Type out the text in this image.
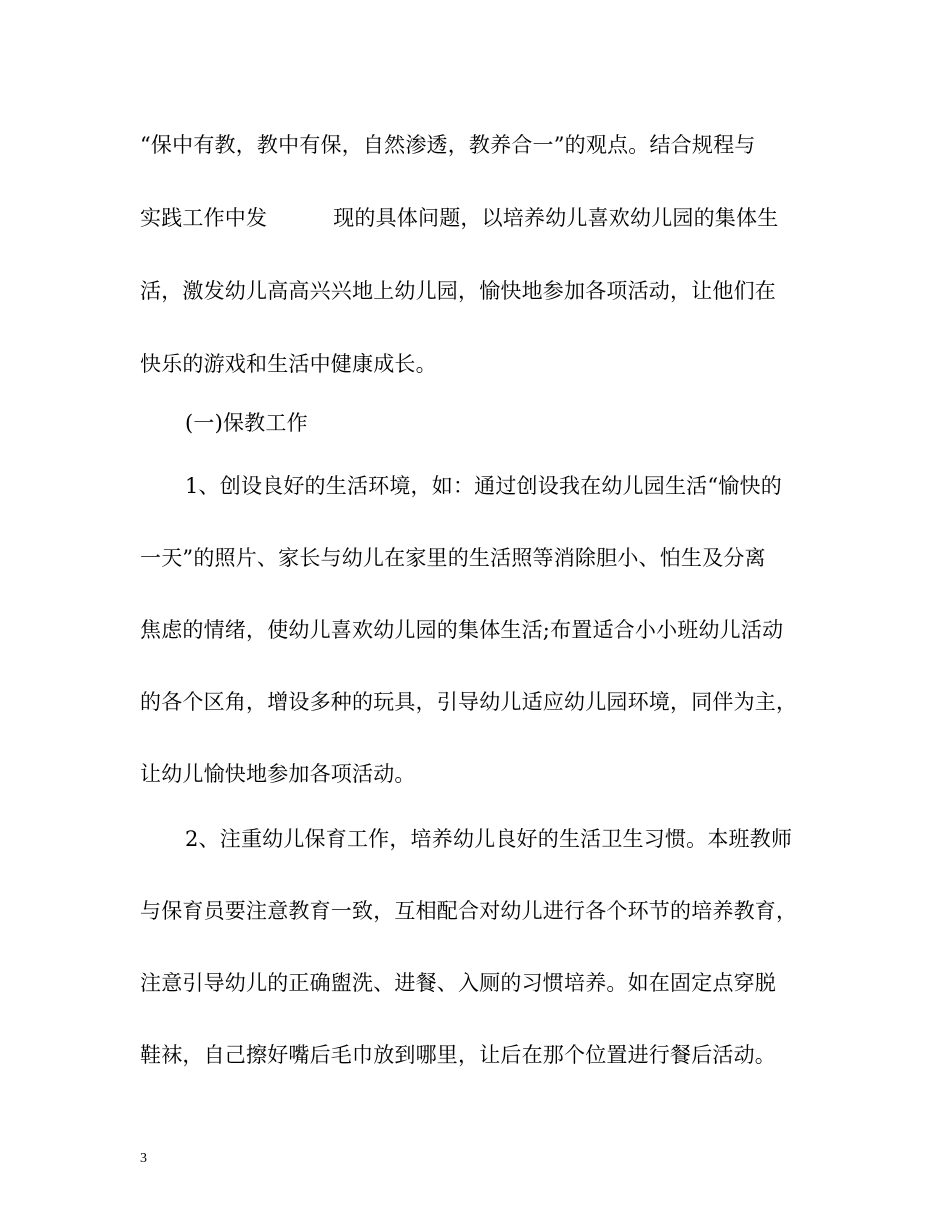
“保中有教，教中有保，自然渗透，教养合一”的观点。结合规程与
实践工作中发	现的具体问题，以培养幼儿喜欢幼儿园的集体生
活，激发幼儿高高兴兴地上幼儿园，愉快地参加各项活动，让他们在
快乐的游戏和生活中健康成长。
(一)保教工作
1、创设良好的生活环境，如：通过创设我在幼儿园生活“愉快的
一天”的照片、家长与幼儿在家里的生活照等消除胆小、怕生及分离
焦虑的情绪，使幼儿喜欢幼儿园的集体生活;布置适合小小班幼儿活动
的各个区角，增设多种的玩具，引导幼儿适应幼儿园环境，同伴为主，
让幼儿愉快地参加各项活动。
2、注重幼儿保育工作，培养幼儿良好的生活卫生习惯。本班教师
与保育员要注意教育一致，互相配合对幼儿进行各个环节的培养教育，
注意引导幼儿的正确盥洗、进餐、入厕的习惯培养。如在固定点穿脱
鞋袜，自己擦好嘴后毛巾放到哪里，让后在那个位置进行餐后活动。
3
